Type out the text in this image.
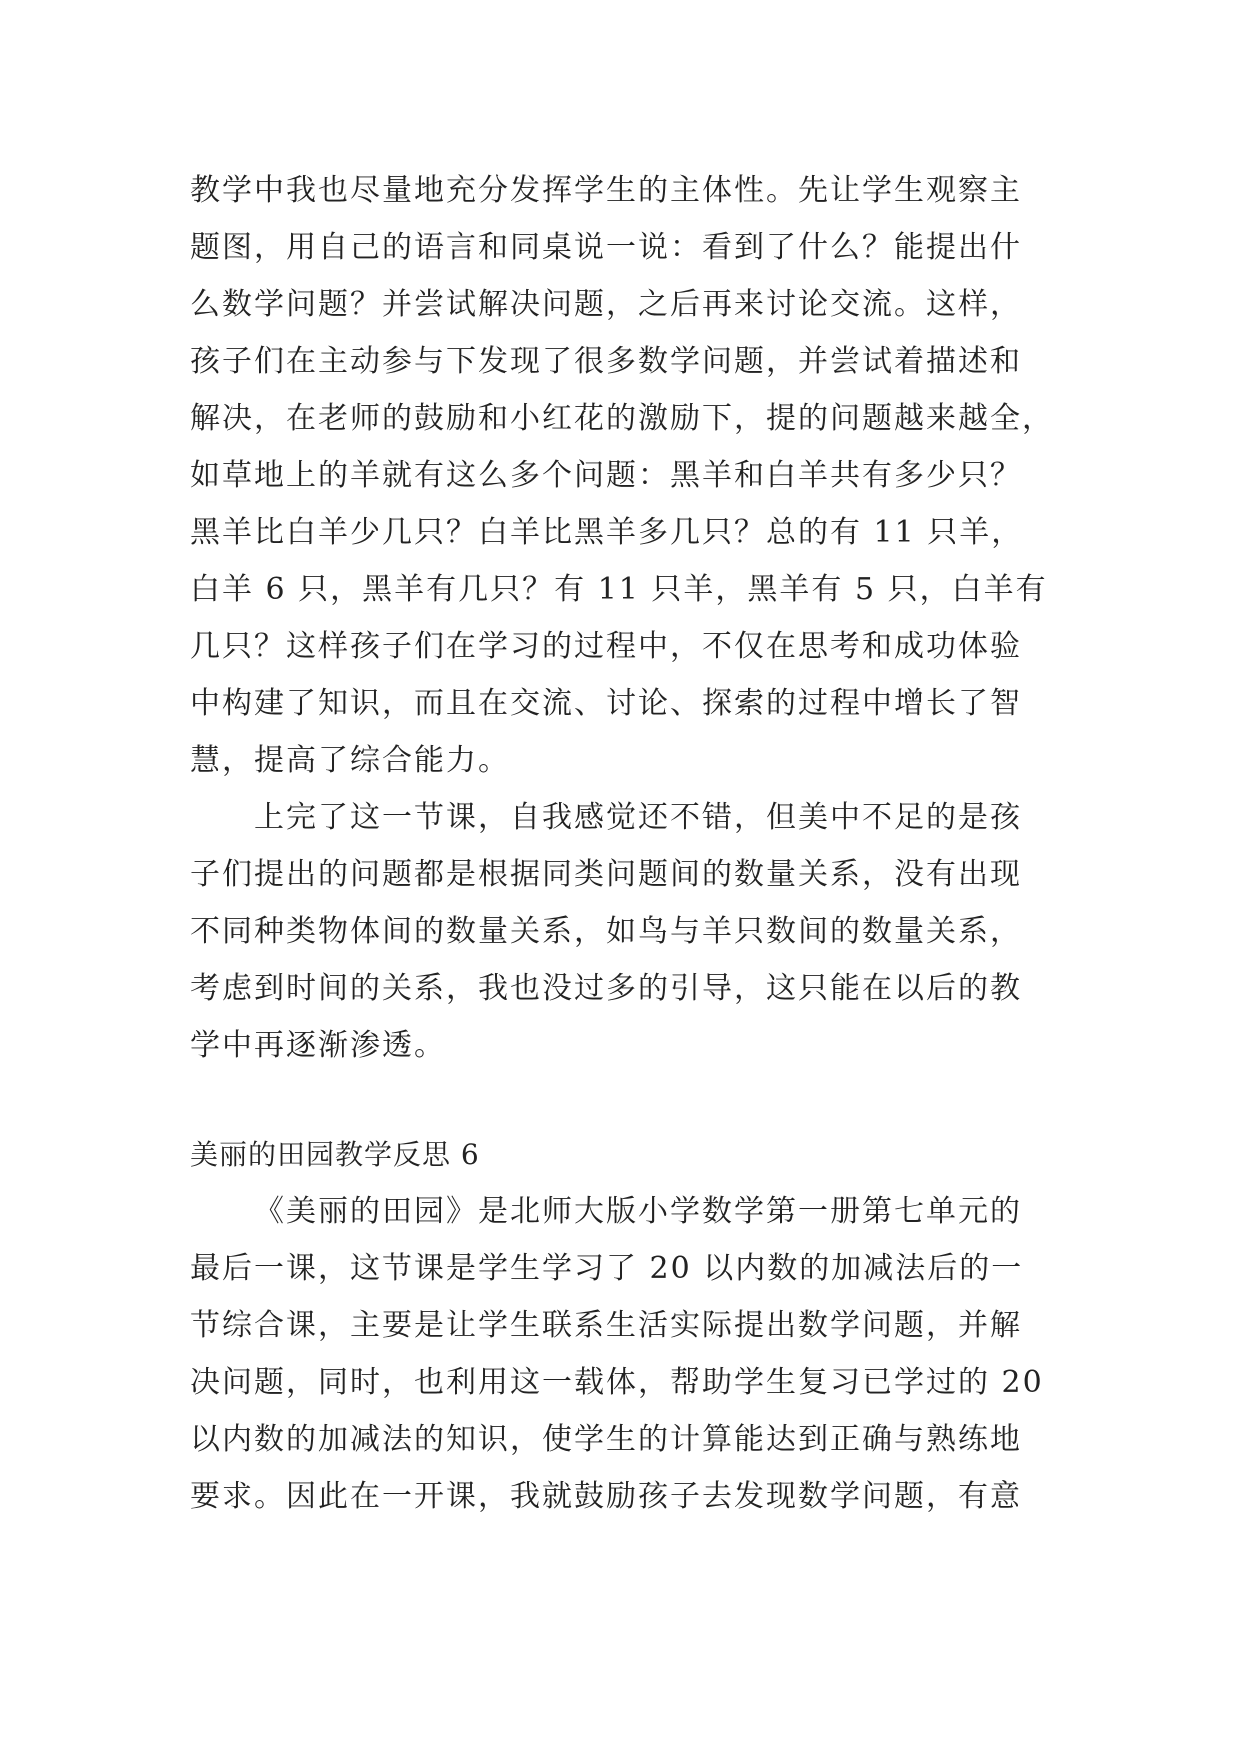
教学中我也尽量地充分发挥学生的主体性。先让学生观察主
题图，用自己的语言和同桌说一说：看到了什么？能提出什
么数学问题？并尝试解决问题，之后再来讨论交流。这样，
孩子们在主动参与下发现了很多数学问题，并尝试着描述和
解决，在老师的鼓励和小红花的激励下，提的问题越来越全，
如草地上的羊就有这么多个问题：黑羊和白羊共有多少只？
黑羊比白羊少几只？白羊比黑羊多几只？总的有 11 只羊，
白羊 6 只，黑羊有几只？有 11 只羊，黑羊有 5 只，白羊有
几只？这样孩子们在学习的过程中，不仅在思考和成功体验
中构建了知识，而且在交流、讨论、探索的过程中增长了智
慧，提高了综合能力。
上完了这一节课，自我感觉还不错，但美中不足的是孩
子们提出的问题都是根据同类问题间的数量关系，没有出现
不同种类物体间的数量关系，如鸟与羊只数间的数量关系，
考虑到时间的关系，我也没过多的引导，这只能在以后的教
学中再逐渐渗透。
美丽的田园教学反思 6
《美丽的田园》是北师大版小学数学第一册第七单元的
最后一课，这节课是学生学习了 20 以内数的加减法后的一
节综合课，主要是让学生联系生活实际提出数学问题，并解
决问题，同时，也利用这一载体，帮助学生复习已学过的 20
以内数的加减法的知识，使学生的计算能达到正确与熟练地
要求。因此在一开课，我就鼓励孩子去发现数学问题，有意
